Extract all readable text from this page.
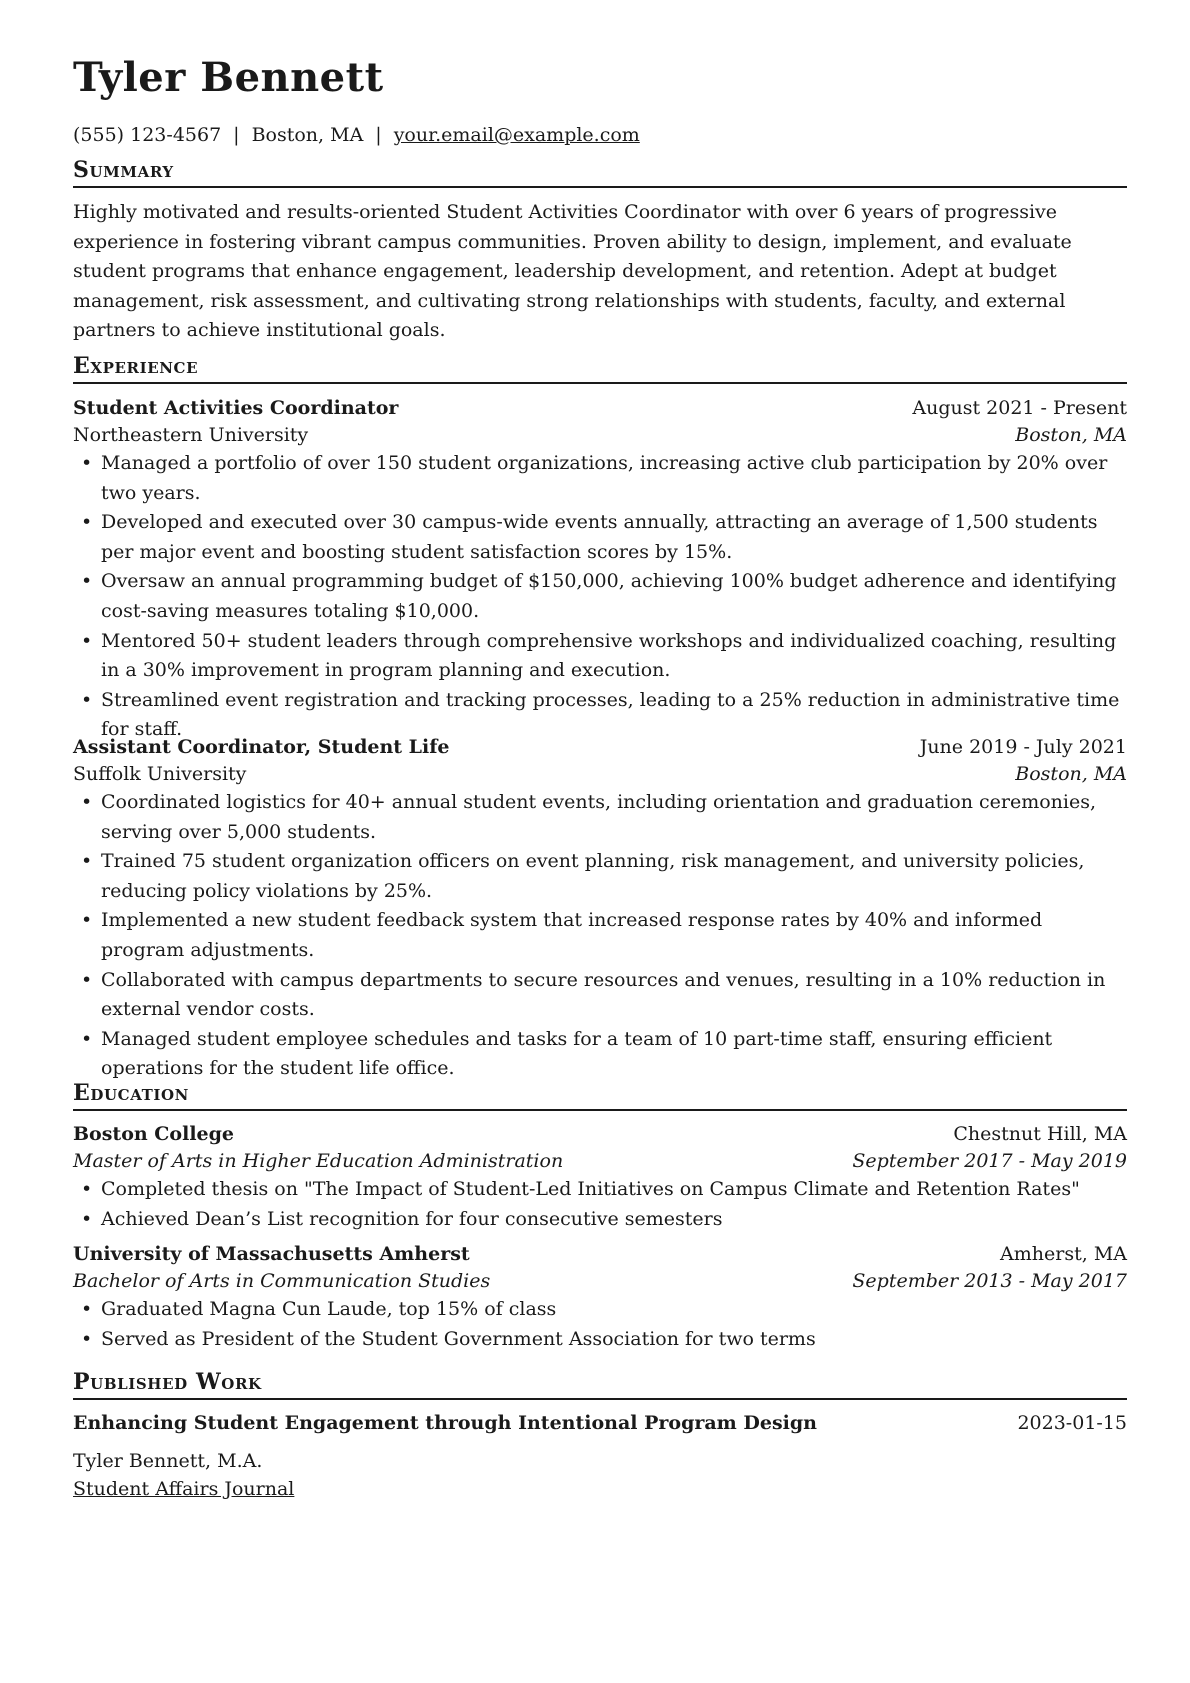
Tyler Bennett
(555) 123-4567 | Boston, MA | your.email@example.com
Summary
Highly motivated and results-oriented Student Activities Coordinator with over 6 years of progressive experience in fostering vibrant campus communities. Proven ability to design, implement, and evaluate student programs that enhance engagement, leadership development, and retention. Adept at budget management, risk assessment, and cultivating strong relationships with students, faculty, and external partners to achieve institutional goals.
Experience
Student Activities Coordinator	August 2021 - Present
Northeastern University	Boston, MA
• Managed a portfolio of over 150 student organizations, increasing active club participation by 20% over two years.
• Developed and executed over 30 campus-wide events annually, attracting an average of 1,500 students per major event and boosting student satisfaction scores by 15%.
• Oversaw an annual programming budget of $150,000, achieving 100% budget adherence and identifying cost-saving measures totaling $10,000.
• Mentored 50+ student leaders through comprehensive workshops and individualized coaching, resulting in a 30% improvement in program planning and execution.
• Streamlined event registration and tracking processes, leading to a 25% reduction in administrative time for staff.
Assistant Coordinator, Student Life	June 2019 - July 2021
Suffolk University	Boston, MA
• Coordinated logistics for 40+ annual student events, including orientation and graduation ceremonies, serving over 5,000 students.
• Trained 75 student organization officers on event planning, risk management, and university policies, reducing policy violations by 25%.
• Implemented a new student feedback system that increased response rates by 40% and informed program adjustments.
• Collaborated with campus departments to secure resources and venues, resulting in a 10% reduction in external vendor costs.
• Managed student employee schedules and tasks for a team of 10 part-time staff, ensuring efficient operations for the student life office.
Education
Boston College	Chestnut Hill, MA
Master of Arts in Higher Education Administration	September 2017 - May 2019
• Completed thesis on "The Impact of Student-Led Initiatives on Campus Climate and Retention Rates"
• Achieved Dean’s List recognition for four consecutive semesters
University of Massachusetts Amherst	Amherst, MA
Bachelor of Arts in Communication Studies	September 2013 - May 2017
• Graduated Magna Cun Laude, top 15% of class
• Served as President of the Student Government Association for two terms
Published Work
Enhancing Student Engagement through Intentional Program Design	2023-01-15
Tyler Bennett, M.A.
Student Affairs Journal
